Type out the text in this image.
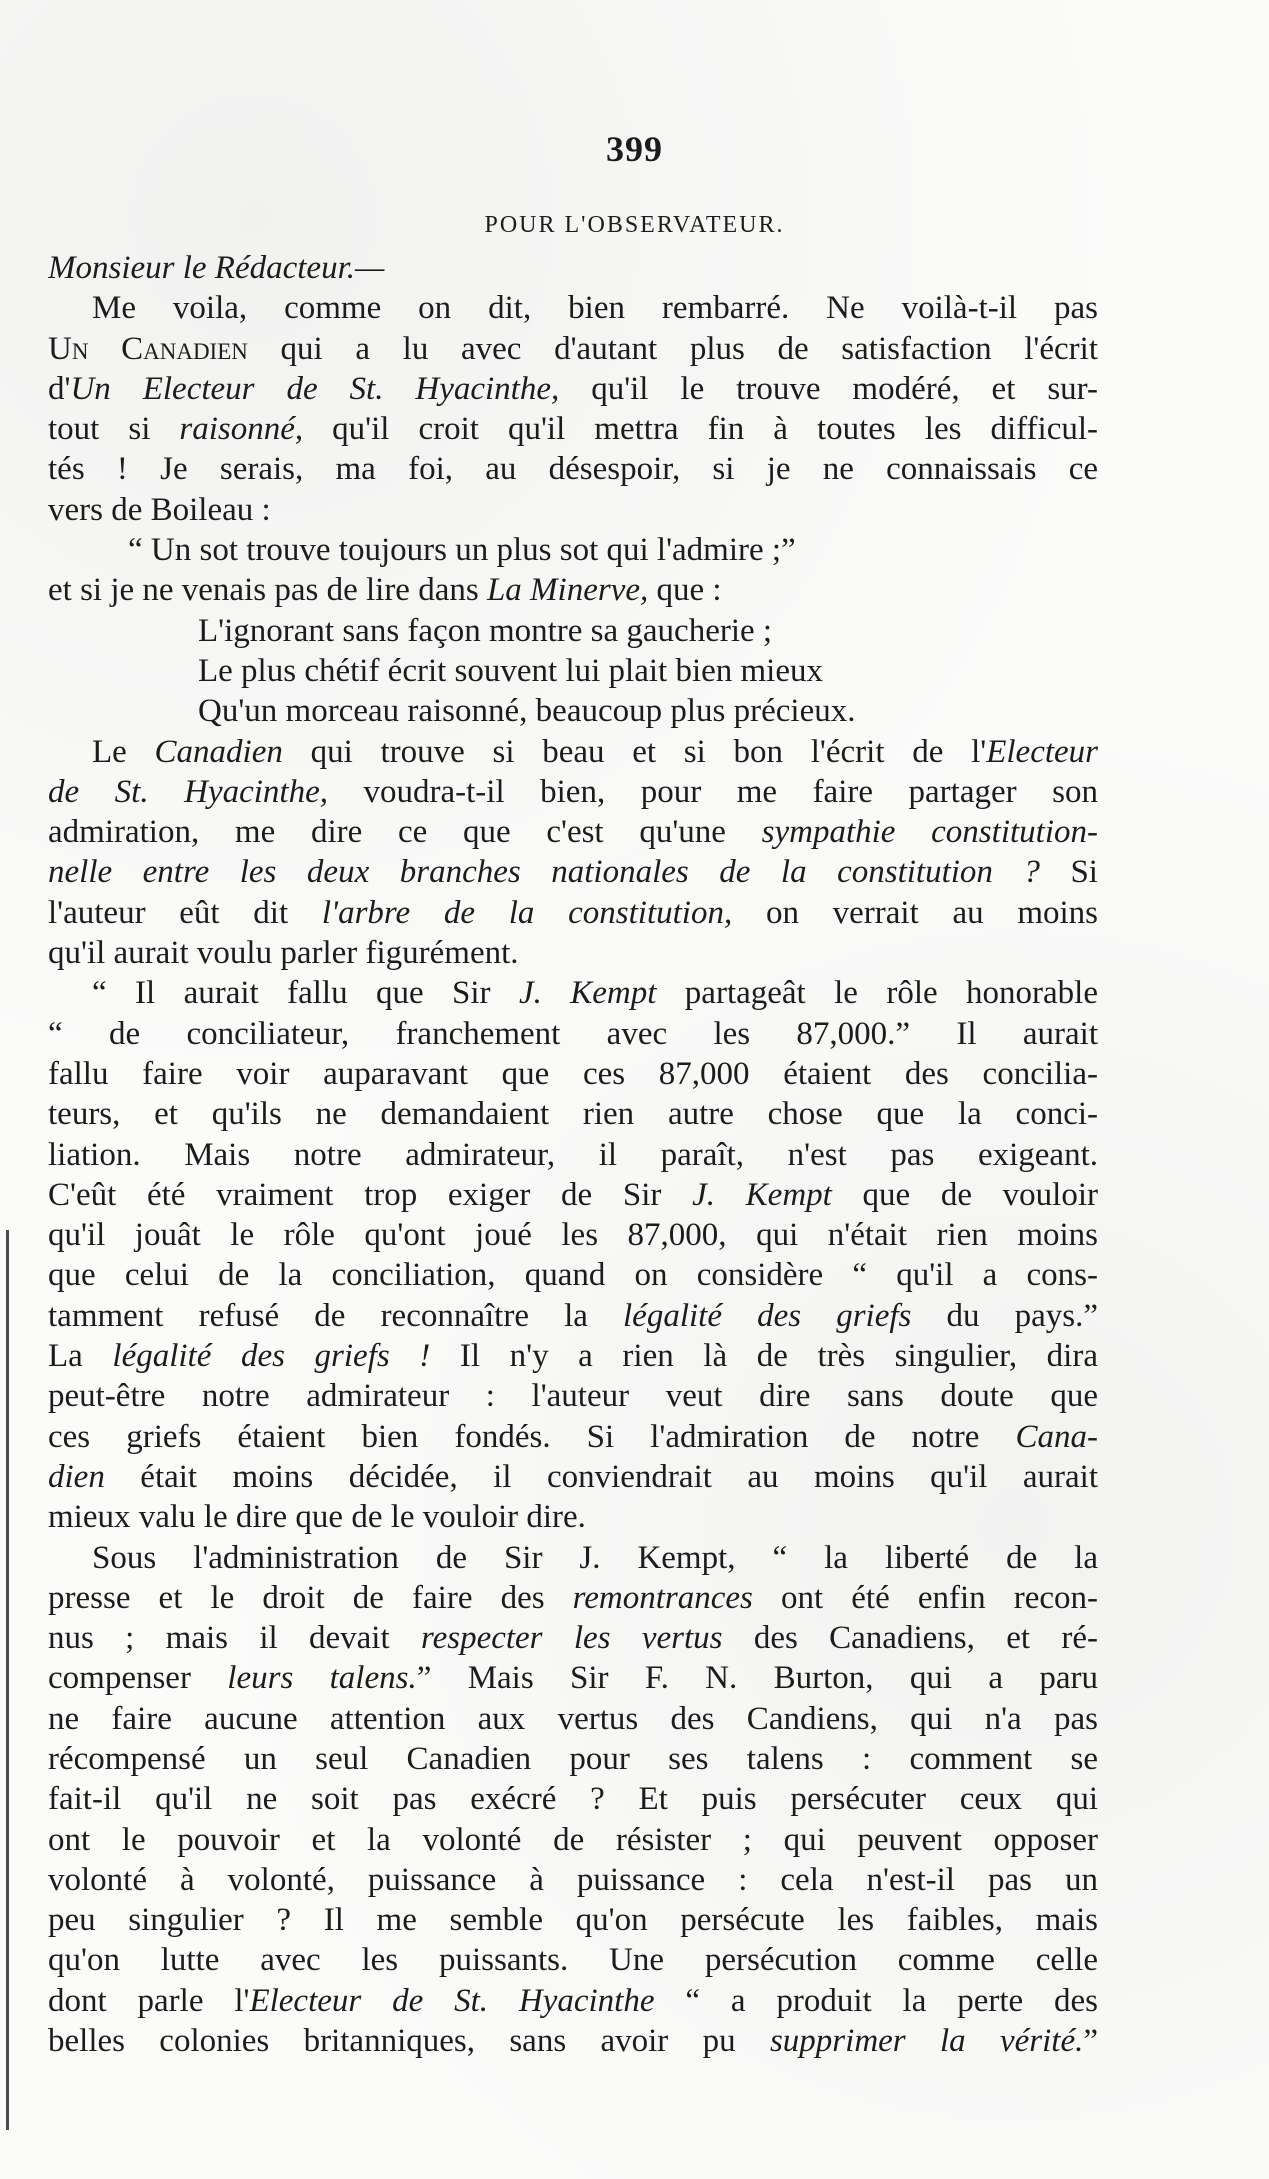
399
POUR L'OBSERVATEUR.
Monsieur le Rédacteur.—
Me voila, comme on dit, bien rembarré. Ne voilà-t-il pas
Un Canadien qui a lu avec d'autant plus de satisfaction l'écrit
d'Un Electeur de St. Hyacinthe, qu'il le trouve modéré, et sur-
tout si raisonné, qu'il croit qu'il mettra fin à toutes les difficul-
tés ! Je serais, ma foi, au désespoir, si je ne connaissais ce
vers de Boileau :
“ Un sot trouve toujours un plus sot qui l'admire ;”
et si je ne venais pas de lire dans La Minerve, que :
L'ignorant sans façon montre sa gaucherie ;
Le plus chétif écrit souvent lui plait bien mieux
Qu'un morceau raisonné, beaucoup plus précieux.
Le Canadien qui trouve si beau et si bon l'écrit de l'Electeur
de St. Hyacinthe, voudra-t-il bien, pour me faire partager son
admiration, me dire ce que c'est qu'une sympathie constitution-
nelle entre les deux branches nationales de la constitution ? Si
l'auteur eût dit l'arbre de la constitution, on verrait au moins
qu'il aurait voulu parler figurément.
“ Il aurait fallu que Sir J. Kempt partageât le rôle honorable
“ de conciliateur, franchement avec les 87,000.” Il aurait
fallu faire voir auparavant que ces 87,000 étaient des concilia-
teurs, et qu'ils ne demandaient rien autre chose que la conci-
liation. Mais notre admirateur, il paraît, n'est pas exigeant.
C'eût été vraiment trop exiger de Sir J. Kempt que de vouloir
qu'il jouât le rôle qu'ont joué les 87,000, qui n'était rien moins
que celui de la conciliation, quand on considère “ qu'il a cons-
tamment refusé de reconnaître la légalité des griefs du pays.”
La légalité des griefs ! Il n'y a rien là de très singulier, dira
peut-être notre admirateur : l'auteur veut dire sans doute que
ces griefs étaient bien fondés. Si l'admiration de notre Cana-
dien était moins décidée, il conviendrait au moins qu'il aurait
mieux valu le dire que de le vouloir dire.
Sous l'administration de Sir J. Kempt, “ la liberté de la
presse et le droit de faire des remontrances ont été enfin recon-
nus ; mais il devait respecter les vertus des Canadiens, et ré-
compenser leurs talens.” Mais Sir F. N. Burton, qui a paru
ne faire aucune attention aux vertus des Candiens, qui n'a pas
récompensé un seul Canadien pour ses talens : comment se
fait-il qu'il ne soit pas exécré ? Et puis persécuter ceux qui
ont le pouvoir et la volonté de résister ; qui peuvent opposer
volonté à volonté, puissance à puissance : cela n'est-il pas un
peu singulier ? Il me semble qu'on persécute les faibles, mais
qu'on lutte avec les puissants. Une persécution comme celle
dont parle l'Electeur de St. Hyacinthe “ a produit la perte des
belles colonies britanniques, sans avoir pu supprimer la vérité.”
